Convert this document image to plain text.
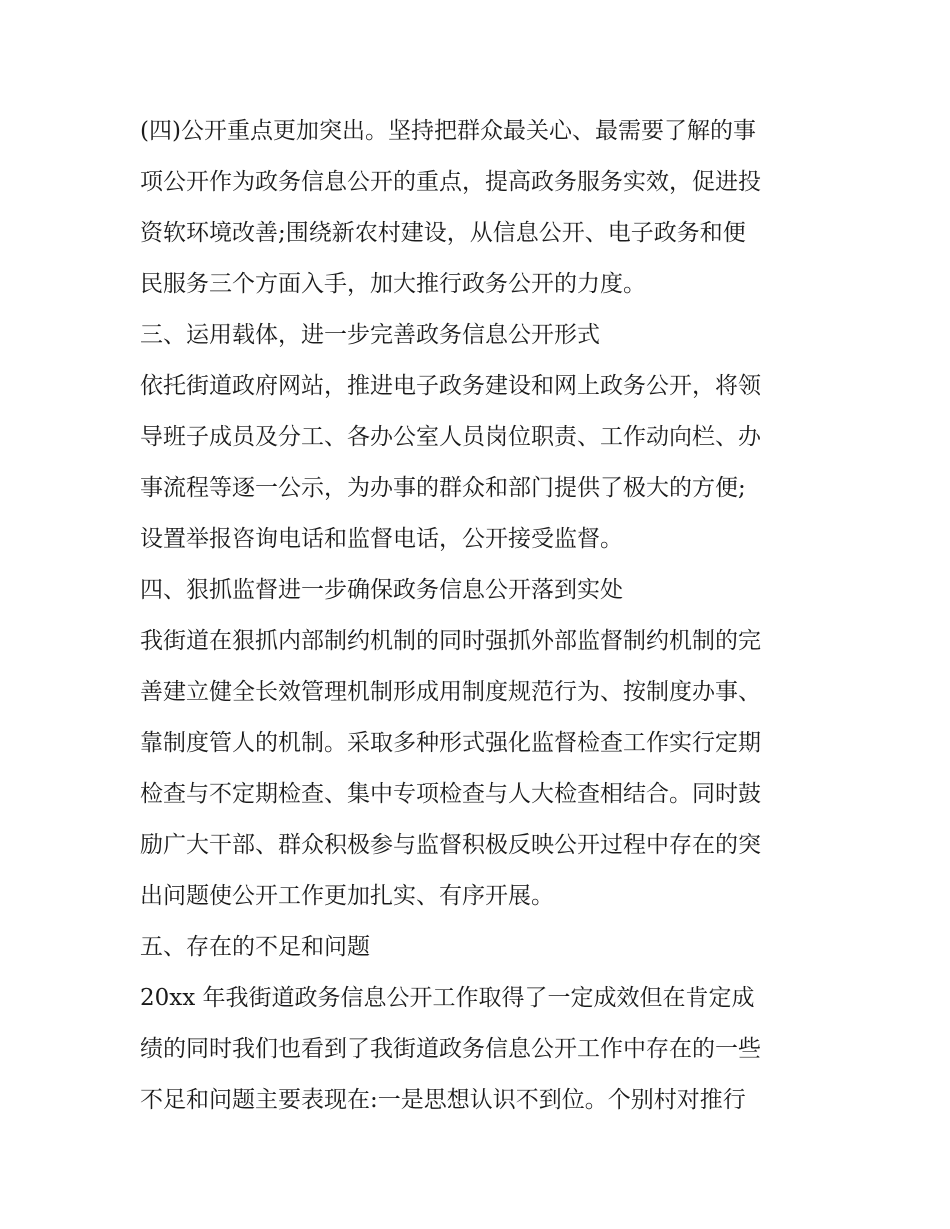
(四)公开重点更加突出。坚持把群众最关心、最需要了解的事
项公开作为政务信息公开的重点，提高政务服务实效，促进投
资软环境改善;围绕新农村建设，从信息公开、电子政务和便
民服务三个方面入手，加大推行政务公开的力度。
三、运用载体，进一步完善政务信息公开形式
依托街道政府网站，推进电子政务建设和网上政务公开，将领
导班子成员及分工、各办公室人员岗位职责、工作动向栏、办
事流程等逐一公示，为办事的群众和部门提供了极大的方便;
设置举报咨询电话和监督电话，公开接受监督。
四、狠抓监督进一步确保政务信息公开落到实处
我街道在狠抓内部制约机制的同时强抓外部监督制约机制的完
善建立健全长效管理机制形成用制度规范行为、按制度办事、
靠制度管人的机制。采取多种形式强化监督检查工作实行定期
检查与不定期检查、集中专项检查与人大检查相结合。同时鼓
励广大干部、群众积极参与监督积极反映公开过程中存在的突
出问题使公开工作更加扎实、有序开展。
五、存在的不足和问题
20xx 年我街道政务信息公开工作取得了一定成效但在肯定成
绩的同时我们也看到了我街道政务信息公开工作中存在的一些
不足和问题主要表现在:一是思想认识不到位。个别村对推行
